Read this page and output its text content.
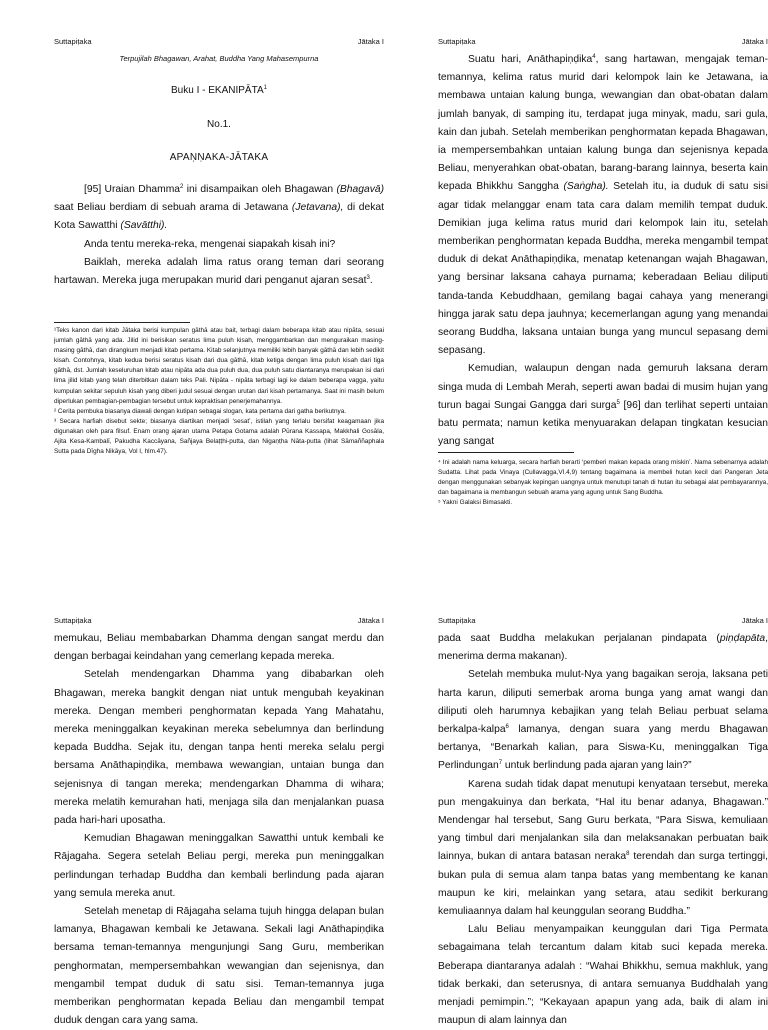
Suttapiṭaka	Jātaka I
Terpujilah Bhagawan, Arahat, Buddha Yang Mahasempurna
Buku I - EKANIPĀTA$^1$
No.1.
APAṆṆAKA-JĀTAKA

[95] Uraian Dhamma$^2$ ini disampaikan oleh Bhagawan (Bhagavā) saat Beliau berdiam di sebuah arama di Jetawana (Jetavana), di dekat Kota Sawatthi (Savātthi).

Anda tentu mereka-reka, mengenai siapakah kisah ini?

Baiklah, mereka adalah lima ratus orang teman dari seorang hartawan. Mereka juga merupakan murid dari penganut ajaran sesat$^3$.

¹Teks kanon dari kitab Jātaka berisi kumpulan gāthā atau bait, terbagi dalam beberapa kitab atau nipāta, sesuai jumlah gāthā yang ada. Jilid ini berisikan seratus lima puluh kisah, menggambarkan dan menguraikan masing-masing gāthā, dan dirangkum menjadi kitab pertama. Kitab selanjutnya memiliki lebih banyak gāthā dan lebih sedikit kisah. Contohnya, kitab kedua berisi seratus kisah dari dua gāthā, kitab ketiga dengan lima puluh kisah dari tiga gāthā, dst. Jumlah keseluruhan kitab atau nipāta ada dua puluh dua, dua puluh satu diantaranya merupakan isi dari lima jilid kitab yang telah diterbitkan dalam teks Pali. Nipāta - nipāta terbagi lagi ke dalam beberapa vagga, yaitu kumpulan sekitar sepuluh kisah yang diberi judul sesuai dengan urutan dari kisah pertamanya. Saat ini masih belum diperlukan pembagian-pembagian tersebut untuk kepraktisan penerjemahannya.

² Cerita pembuka biasanya diawali dengan kutipan sebagai slogan, kata pertama dari gatha berikutnya.

³ Secara harfiah disebut sekte; biasanya diartikan menjadi ‘sesat’, istilah yang terlalu bersifat keagamaan jika digunakan oleh para filsuf. Enam orang ajaran utama Petapa Gotama adalah Pūrana Kassapa, Makkhali Gosāla, Ajita Kesa-Kambalī, Pakudha Kaccāyana, Sañjaya Belaṭṭhi-putta, dan Nigaṇṭha Nāta-putta (lihat Sāmaññaphala Sutta pada Dīgha Nikāya, Vol I, hlm.47).

Suttapiṭaka	Jātaka I

Suatu hari, Anāthapiṇḍika$^4$, sang hartawan, mengajak teman-temannya, kelima ratus murid dari kelompok lain ke Jetawana, ia membawa untaian kalung bunga, wewangian dan obat-obatan dalam jumlah banyak, di samping itu, terdapat juga minyak, madu, sari gula, kain dan jubah. Setelah memberikan penghormatan kepada Bhagawan, ia mempersembahkan untaian kalung bunga dan sejenisnya kepada Beliau, menyerahkan obat-obatan, barang-barang lainnya, beserta kain kepada Bhikkhu Sanggha (Saṅgha). Setelah itu, ia duduk di satu sisi agar tidak melanggar enam tata cara dalam memilih tempat duduk. Demikian juga kelima ratus murid dari kelompok lain itu, setelah memberikan penghormatan kepada Buddha, mereka mengambil tempat duduk di dekat Anāthapiṇḍika, menatap ketenangan wajah Bhagawan, yang bersinar laksana cahaya purnama; keberadaan Beliau diliputi tanda-tanda Kebuddhaan, gemilang bagai cahaya yang menerangi hingga jarak satu depa jauhnya; kecemerlangan agung yang menandai seorang Buddha, laksana untaian bunga yang muncul sepasang demi sepasang.

Kemudian, walaupun dengan nada gemuruh laksana deram singa muda di Lembah Merah, seperti awan badai di musim hujan yang turun bagai Sungai Gangga dari surga$^5$ [96] dan terlihat seperti untaian batu permata; namun ketika menyuarakan delapan tingkatan kesucian yang sangat

⁴ Ini adalah nama keluarga, secara harfiah berarti ‘pemberi makan kepada orang miskin’. Nama sebenarnya adalah Sudatta. Lihat pada Vinaya (Cullavagga,VI.4,9) tentang bagaimana ia membeli hutan kecil dari Pangeran Jeta dengan menggunakan sebanyak kepingan uangnya untuk menutupi tanah di hutan itu sebagai alat pembayarannya, dan bagaimana ia membangun sebuah arama yang agung untuk Sang Buddha.

⁵ Yakni Galaksi Bimasakti.

Suttapiṭaka	Jātaka I

memukau, Beliau membabarkan Dhamma dengan sangat merdu dan dengan berbagai keindahan yang cemerlang kepada mereka.

Setelah mendengarkan Dhamma yang dibabarkan oleh Bhagawan, mereka bangkit dengan niat untuk mengubah keyakinan mereka. Dengan memberi penghormatan kepada Yang Mahatahu, mereka meninggalkan keyakinan mereka sebelumnya dan berlindung kepada Buddha. Sejak itu, dengan tanpa henti mereka selalu pergi bersama Anāthapiṇḍika, membawa wewangian, untaian bunga dan sejenisnya di tangan mereka; mendengarkan Dhamma di wihara; mereka melatih kemurahan hati, menjaga sila dan menjalankan puasa pada hari-hari uposatha.

Kemudian Bhagawan meninggalkan Sawatthi untuk kembali ke Rājagaha. Segera setelah Beliau pergi, mereka pun meninggalkan perlindungan terhadap Buddha dan kembali berlindung pada ajaran yang semula mereka anut.

Setelah menetap di Rājagaha selama tujuh hingga delapan bulan lamanya, Bhagawan kembali ke Jetawana. Sekali lagi Anāthapiṇḍika bersama teman-temannya mengunjungi Sang Guru, memberikan penghormatan, mempersembahkan wewangian dan sejenisnya, dan mengambil tempat duduk di satu sisi. Teman-temannya juga memberikan penghormatan kepada Beliau dan mengambil tempat duduk dengan cara yang sama.

Suttapiṭaka	Jātaka I

pada saat Buddha melakukan perjalanan pindapata (piṇḍapāta, menerima derma makanan).

Setelah membuka mulut-Nya yang bagaikan seroja, laksana peti harta karun, diliputi semerbak aroma bunga yang amat wangi dan diliputi oleh harumnya kebajikan yang telah Beliau perbuat selama berkalpa-kalpa$^6$ lamanya, dengan suara yang merdu Bhagawan bertanya, “Benarkah kalian, para Siswa-Ku, meninggalkan Tiga Perlindungan$^7$ untuk berlindung pada ajaran yang lain?”

Karena sudah tidak dapat menutupi kenyataan tersebut, mereka pun mengakuinya dan berkata, “Hal itu benar adanya, Bhagawan.” Mendengar hal tersebut, Sang Guru berkata, “Para Siswa, kemuliaan yang timbul dari menjalankan sila dan melaksanakan perbuatan baik lainnya, bukan di antara batasan neraka$^8$ terendah dan surga tertinggi, bukan pula di semua alam tanpa batas yang membentang ke kanan maupun ke kiri, melainkan yang setara, atau sedikit berkurang kemuliaannya dalam hal keunggulan seorang Buddha.”

Lalu Beliau menyampaikan keunggulan dari Tiga Permata sebagaimana telah tercantum dalam kitab suci kepada mereka. Beberapa diantaranya adalah : “Wahai Bhikkhu, semua makhluk, yang tidak berkaki, dan seterusnya, di antara semuanya Buddhalah yang menjadi pemimpin.”; “Kekayaan apapun yang ada, baik di alam ini maupun di alam lainnya dan
